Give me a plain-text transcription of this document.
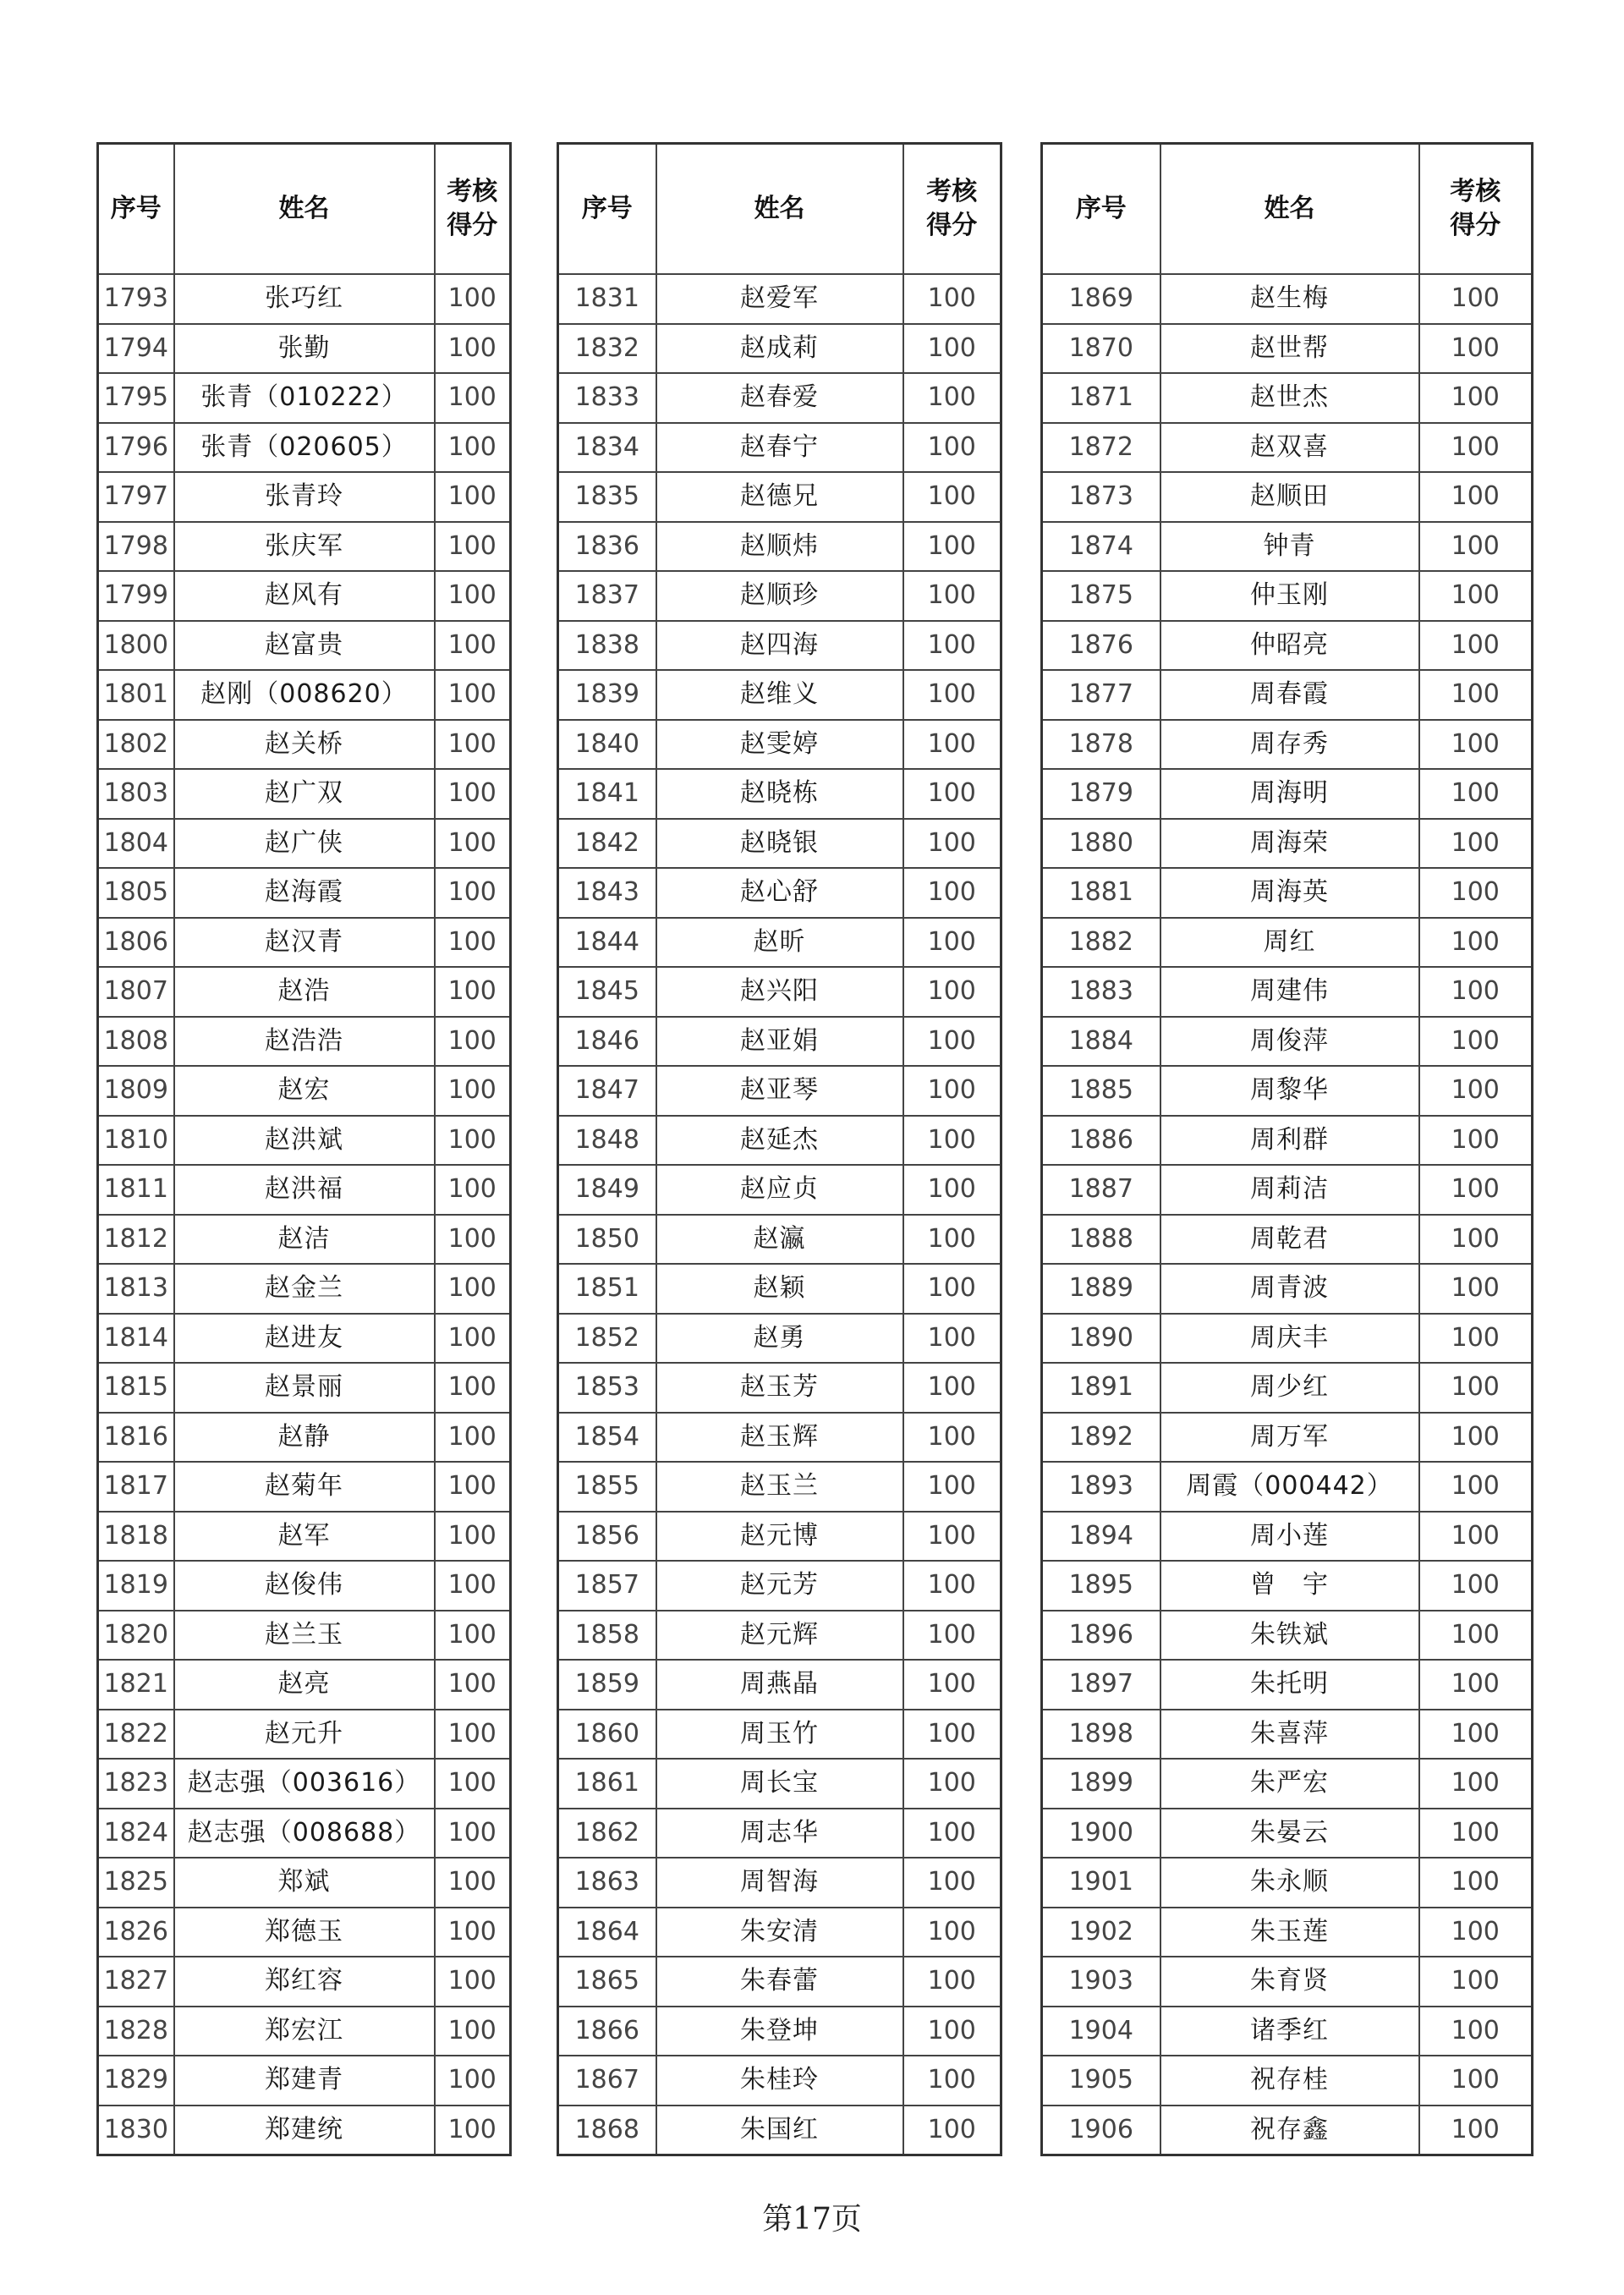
序号	姓名	考核
得分

1793	张巧红	100
1794	张勤	100
1795	张青（010222）	100
1796	张青（020605）	100
1797	张青玲	100
1798	张庆军	100
1799	赵风有	100
1800	赵富贵	100
1801	赵刚（008620）	100
1802	赵关桥	100
1803	赵广双	100
1804	赵广侠	100
1805	赵海霞	100
1806	赵汉青	100
1807	赵浩	100
1808	赵浩浩	100
1809	赵宏	100
1810	赵洪斌	100
1811	赵洪福	100
1812	赵洁	100
1813	赵金兰	100
1814	赵进友	100
1815	赵景丽	100
1816	赵静	100
1817	赵菊年	100
1818	赵军	100
1819	赵俊伟	100
1820	赵兰玉	100
1821	赵亮	100
1822	赵元升	100
1823	赵志强（003616）	100
1824	赵志强（008688）	100
1825	郑斌	100
1826	郑德玉	100
1827	郑红容	100
1828	郑宏江	100
1829	郑建青	100
1830	郑建统	100
序号	姓名	考核
得分

1831	赵爱军	100
1832	赵成莉	100
1833	赵春爱	100
1834	赵春宁	100
1835	赵德兄	100
1836	赵顺炜	100
1837	赵顺珍	100
1838	赵四海	100
1839	赵维义	100
1840	赵雯婷	100
1841	赵晓栋	100
1842	赵晓银	100
1843	赵心舒	100
1844	赵昕	100
1845	赵兴阳	100
1846	赵亚娟	100
1847	赵亚琴	100
1848	赵延杰	100
1849	赵应贞	100
1850	赵瀛	100
1851	赵颖	100
1852	赵勇	100
1853	赵玉芳	100
1854	赵玉辉	100
1855	赵玉兰	100
1856	赵元博	100
1857	赵元芳	100
1858	赵元辉	100
1859	周燕晶	100
1860	周玉竹	100
1861	周长宝	100
1862	周志华	100
1863	周智海	100
1864	朱安清	100
1865	朱春蕾	100
1866	朱登坤	100
1867	朱桂玲	100
1868	朱国红	100
序号	姓名	考核
得分

1869	赵生梅	100
1870	赵世帮	100
1871	赵世杰	100
1872	赵双喜	100
1873	赵顺田	100
1874	钟青	100
1875	仲玉刚	100
1876	仲昭亮	100
1877	周春霞	100
1878	周存秀	100
1879	周海明	100
1880	周海荣	100
1881	周海英	100
1882	周红	100
1883	周建伟	100
1884	周俊萍	100
1885	周黎华	100
1886	周利群	100
1887	周莉洁	100
1888	周乾君	100
1889	周青波	100
1890	周庆丰	100
1891	周少红	100
1892	周万军	100
1893	周霞（000442）	100
1894	周小莲	100
1895	曾　宇	100
1896	朱铁斌	100
1897	朱托明	100
1898	朱喜萍	100
1899	朱严宏	100
1900	朱晏云	100
1901	朱永顺	100
1902	朱玉莲	100
1903	朱育贤	100
1904	诸季红	100
1905	祝存桂	100
1906	祝存鑫	100
第17页
